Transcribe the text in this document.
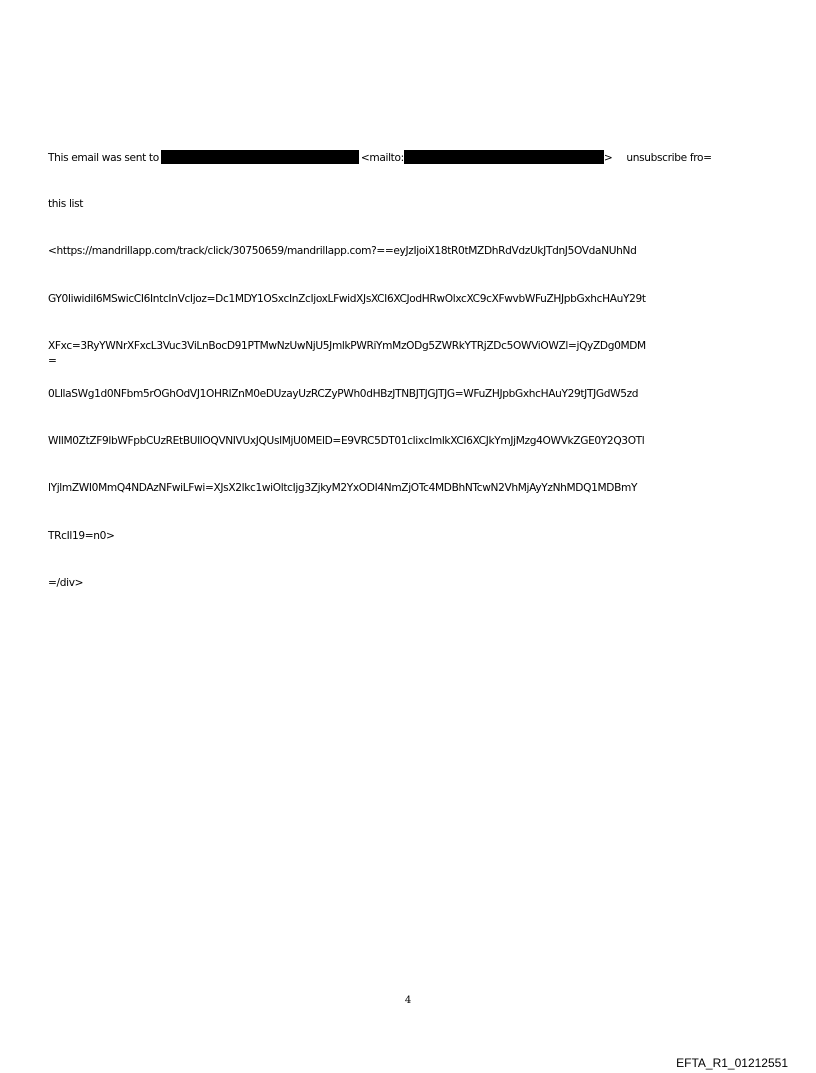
This email was sent to	<mailto:	> unsubscribe fro=

this list

<https://mandrillapp.com/track/click/30750659/mandrillapp.com?==eyJzIjoiX18tR0tMZDhRdVdzUkJTdnJ5OVdaNUhNd

GY0IiwidiI6MSwicCI6IntcInVcIjoz=Dc1MDY1OSxcInZcIjoxLFwidXJsXCI6XCJodHRwOlxcXC9cXFwvbWFuZHJpbGxhcHAuY29t

XFxc=3RyYWNrXFxcL3Vuc3ViLnBocD91PTMwNzUwNjU5JmlkPWRiYmMzODg5ZWRkYTRjZDc5OWViOWZl=jQyZDg0MDM

0LllaSWg1d0NFbm5rOGhOdVJ1OHRlZnM0eDUzayUzRCZyPWh0dHBzJTNBJTJGJTJG=WFuZHJpbGxhcHAuY29tJTJGdW5zd

WIlM0ZtZF9lbWFpbCUzREtBUllOQVNIVUxJQUslMjU0MElD=E9VRC5DT01clixcImlkXCI6XCJkYmJjMzg4OWVkZGE0Y2Q3OTl

lYjlmZWI0MmQ4NDAzNFwiLFwi=XJsX2lkc1wiOltcIjg3ZjkyM2YxODI4NmZjOTc4MDBhNTcwN2VhMjAyYzNhMDQ1MDBmY

TRcIl19=n0>

=/div>

=

4

EFTA_R1_01212551
